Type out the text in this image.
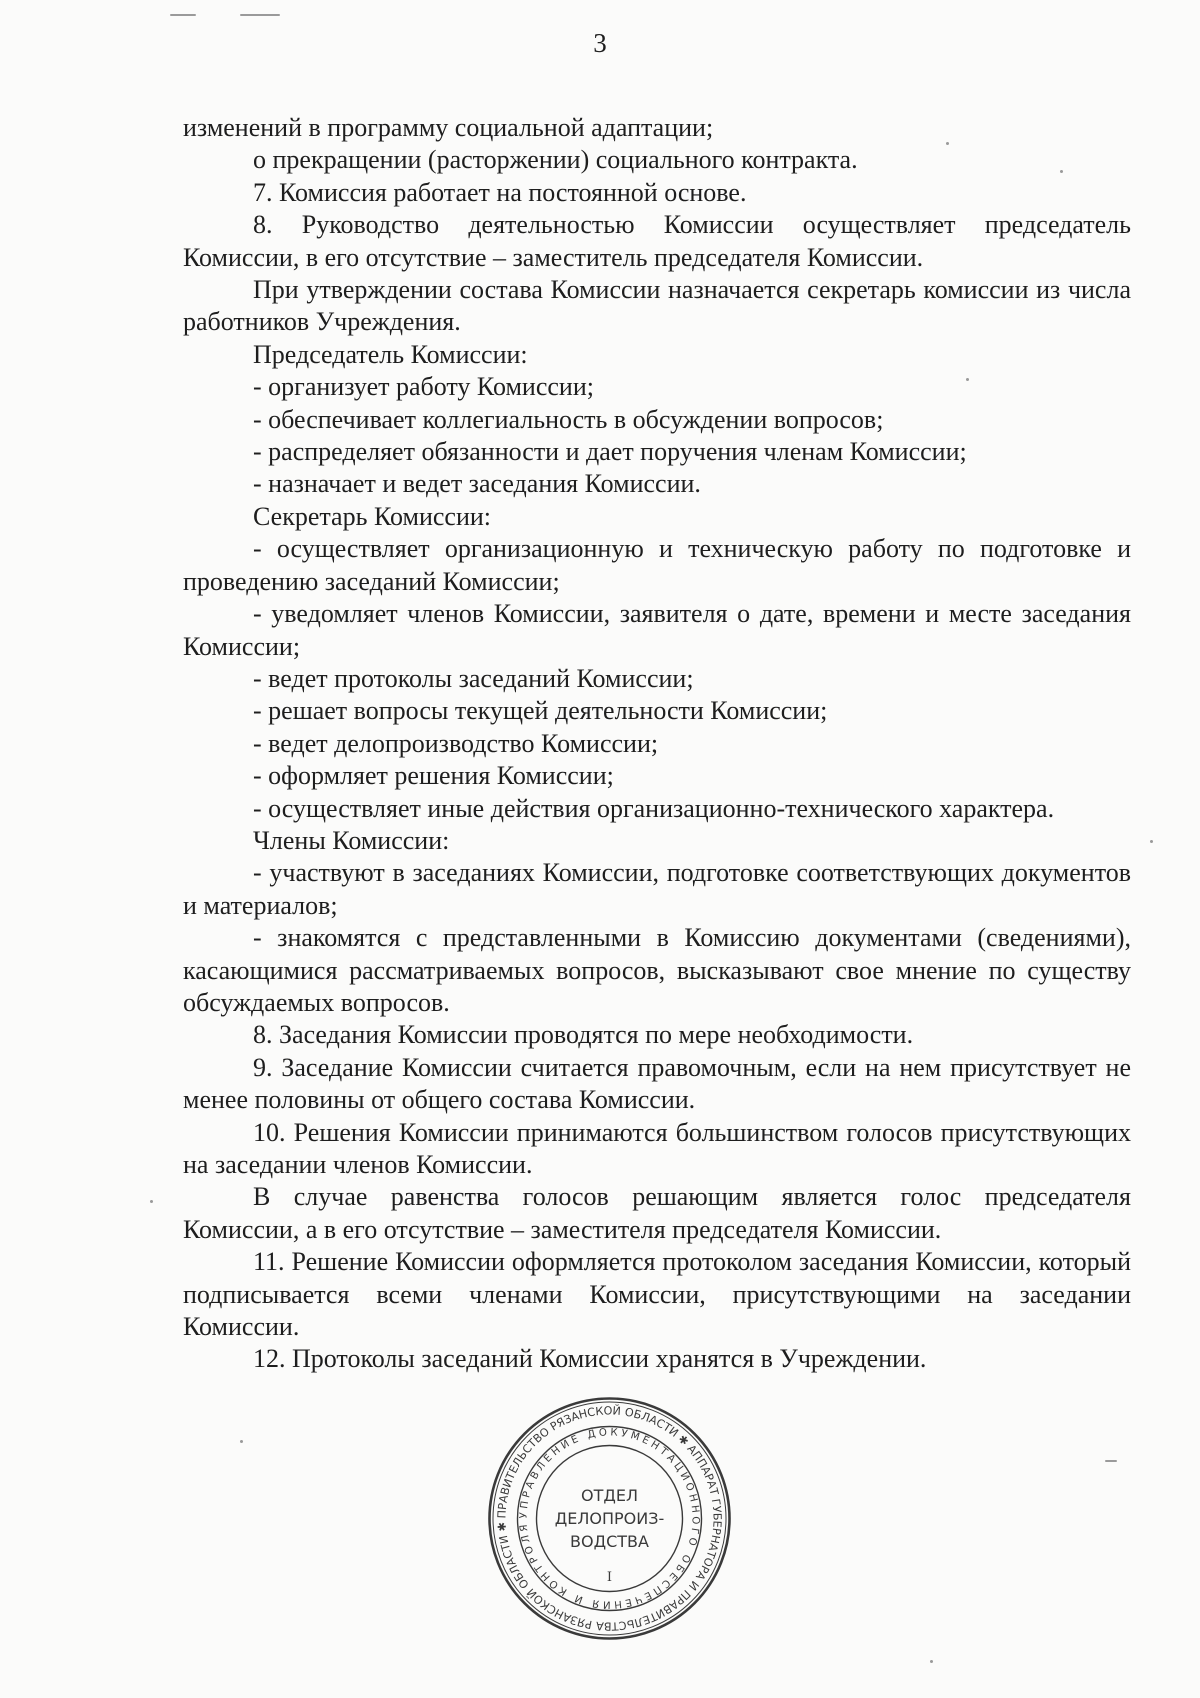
3

изменений в программу социальной адаптации;

о прекращении (расторжении) социального контракта.

7. Комиссия работает на постоянной основе.

8. Руководство деятельностью Комиссии осуществляет председатель Комиссии, в его отсутствие – заместитель председателя Комиссии.

При утверждении состава Комиссии назначается секретарь комиссии из числа работников Учреждения.

Председатель Комиссии:

- организует работу Комиссии;

- обеспечивает коллегиальность в обсуждении вопросов;

- распределяет обязанности и дает поручения членам Комиссии;

- назначает и ведет заседания Комиссии.

Секретарь Комиссии:

- осуществляет организационную и техническую работу по подготовке и проведению заседаний Комиссии;

- уведомляет членов Комиссии, заявителя о дате, времени и месте заседания Комиссии;

- ведет протоколы заседаний Комиссии;

- решает вопросы текущей деятельности Комиссии;

- ведет делопроизводство Комиссии;

- оформляет решения Комиссии;

- осуществляет иные действия организационно-технического характера.

Члены Комиссии:

- участвуют в заседаниях Комиссии, подготовке соответствующих документов и материалов;

- знакомятся с представленными в Комиссию документами (сведениями), касающимися рассматриваемых вопросов, высказывают свое мнение по существу обсуждаемых вопросов.

8. Заседания Комиссии проводятся по мере необходимости.

9. Заседание Комиссии считается правомочным, если на нем присутствует не менее половины от общего состава Комиссии.

10. Решения Комиссии принимаются большинством голосов присутствующих на заседании членов Комиссии.

В случае равенства голосов решающим является голос председателя Комиссии, а в его отсутствие – заместителя председателя Комиссии.

11. Решение Комиссии оформляется протоколом заседания Комиссии, который подписывается всеми членами Комиссии, присутствующими на заседании Комиссии.

12. Протоколы заседаний Комиссии хранятся в Учреждении.

ПРАВИТЕЛЬСТВО РЯЗАНСКОЙ ОБЛАСТИ ✱ АППАРАТ ГУБЕРНАТОРА И ПРАВИТЕЛЬСТВА РЯЗАНСКОЙ ОБЛАСТИ ✱
УПРАВЛЕНИЕ ДОКУМЕНТАЦИОННОГО ОБЕСПЕЧЕНИЯ И КОНТРОЛЯ
ОТДЕЛ
ДЕЛОПРОИЗ-
ВОДСТВА
I
